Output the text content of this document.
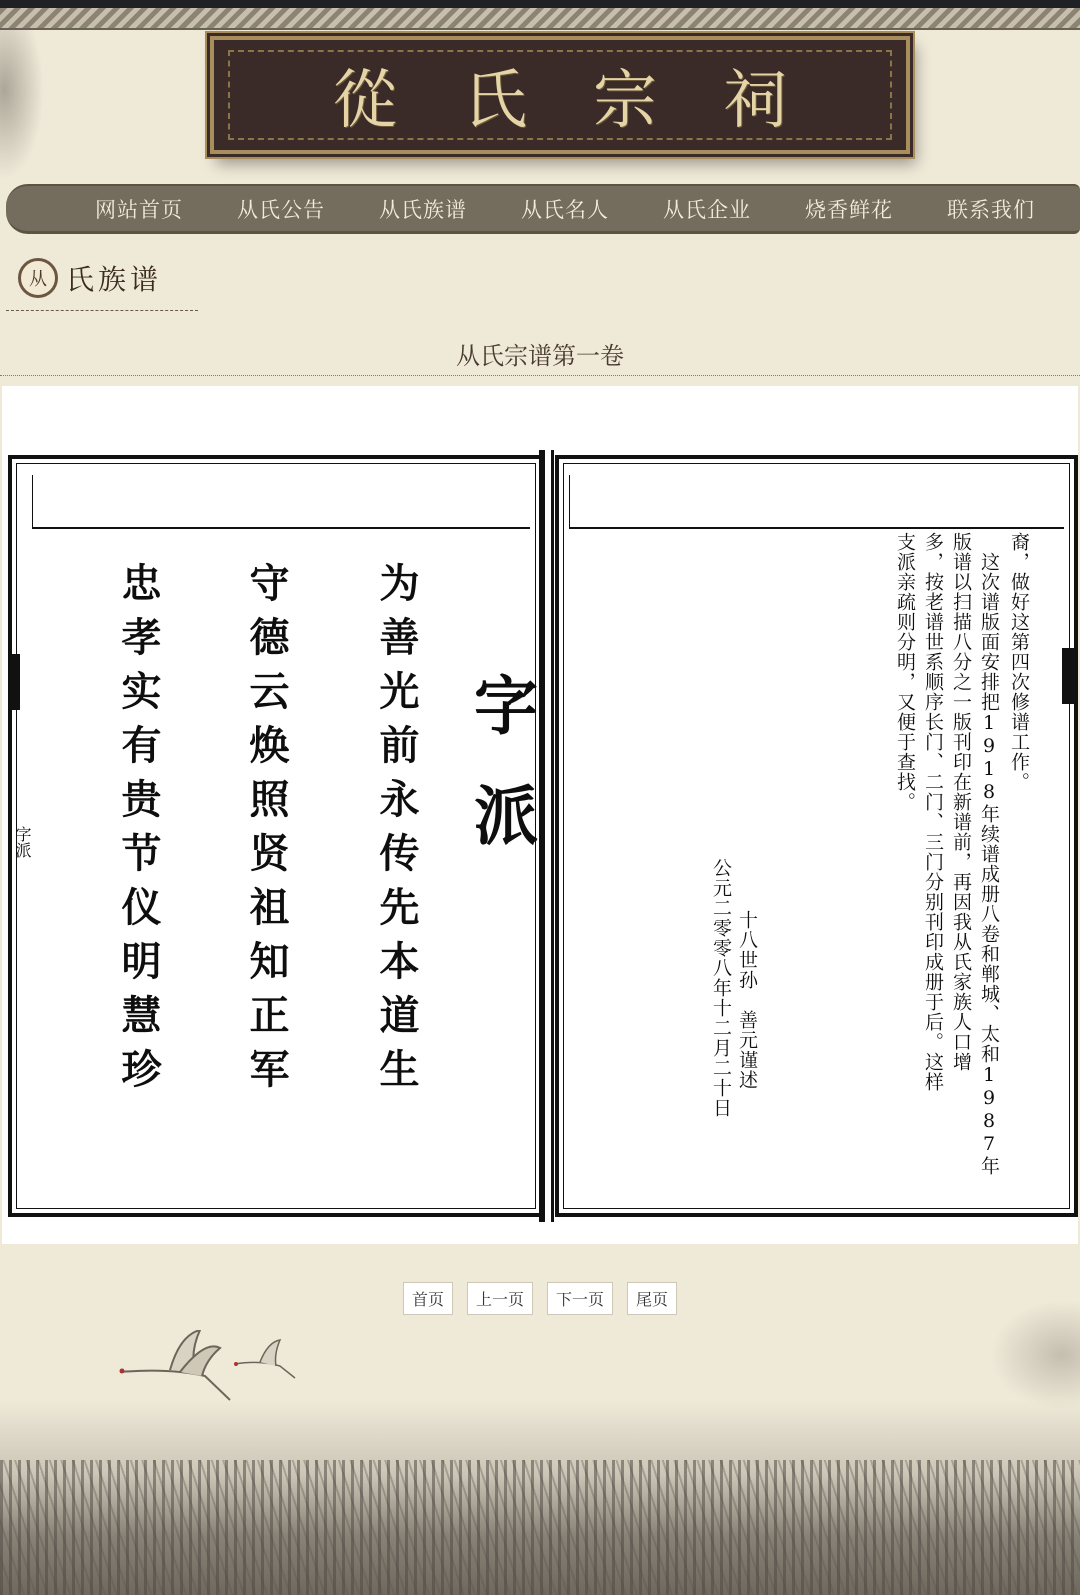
從 氏 宗 祠
网站首页	从氏公告	从氏族谱	从氏名人	从氏企业	烧香鲜花	联系我们
从 氏族谱
从氏宗谱第一卷
忠孝实有贵节仪明慧珍 守德云焕照贤祖知正军 为善光前永传先本道生 字派
字派
裔，做好这第四次修谱工作。
　这次谱版面安排把1918年续谱成册八卷和郸城、太和1987年
版谱以扫描八分之一版刊印在新谱前，再因我从氏家族人口增
多，按老谱世系顺序长门、二门、三门分别刊印成册于后。这样
支派亲疏则分明，又便于查找。
十八世孙　善元谨述
公元二零零八年十二月二十日
首页	上一页	下一页	尾页
